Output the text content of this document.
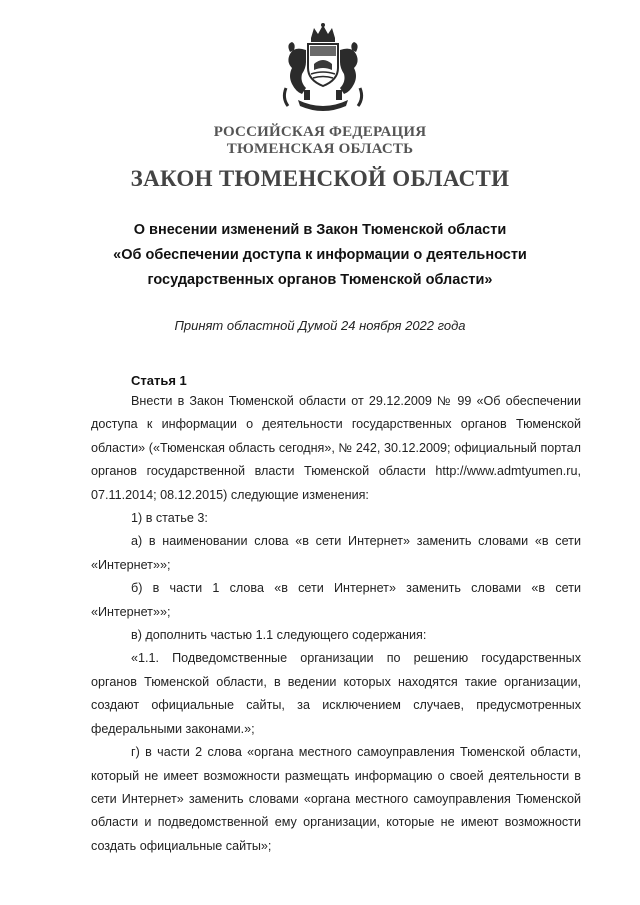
РОССИЙСКАЯ ФЕДЕРАЦИЯ
ТЮМЕНСКАЯ ОБЛАСТЬ
ЗАКОН ТЮМЕНСКОЙ ОБЛАСТИ
О внесении изменений в Закон Тюменской области
«Об обеспечении доступа к информации о деятельности
государственных органов Тюменской области»
Принят областной Думой 24 ноября 2022 года
Статья 1

Внести в Закон Тюменской области от 29.12.2009 № 99 «Об обеспечении доступа к информации о деятельности государственных органов Тюменской области» («Тюменская область сегодня», № 242, 30.12.2009; официальный портал органов государственной власти Тюменской области http://www.admtyumen.ru, 07.11.2014; 08.12.2015) следующие изменения:

1) в статье 3:

а) в наименовании слова «в сети Интернет» заменить словами «в сети «Интернет»»;

б) в части 1 слова «в сети Интернет» заменить словами «в сети «Интернет»»;

в) дополнить частью 1.1 следующего содержания:

«1.1. Подведомственные организации по решению государственных органов Тюменской области, в ведении которых находятся такие организации, создают официальные сайты, за исключением случаев, предусмотренных федеральными законами.»;

г) в части 2 слова «органа местного самоуправления Тюменской области, который не имеет возможности размещать информацию о своей деятельности в сети Интернет» заменить словами «органа местного самоуправления Тюменской области и подведомственной ему организации, которые не имеют возможности создать официальные сайты»;
